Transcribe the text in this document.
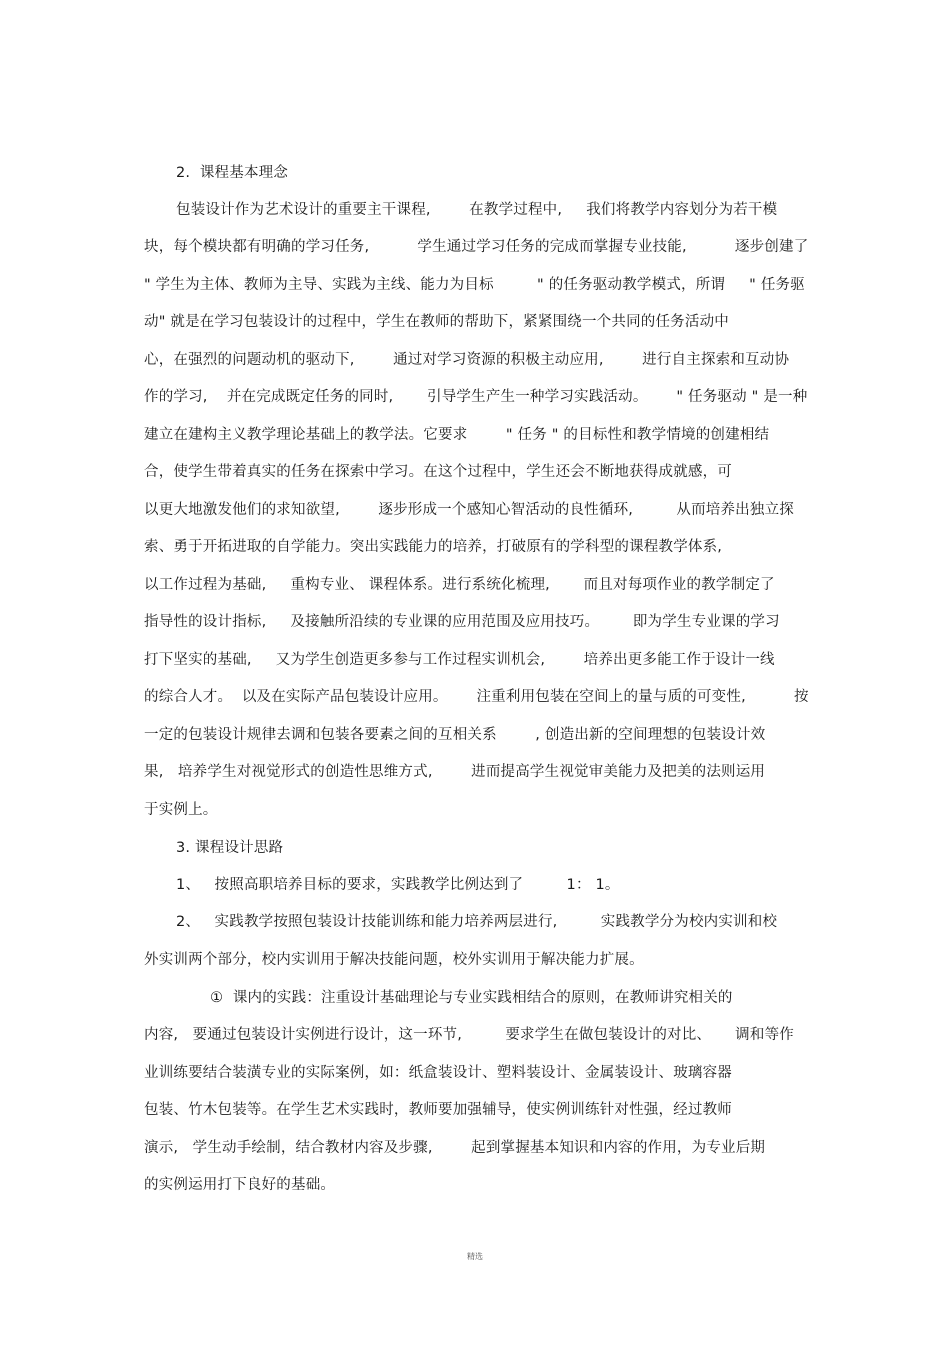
2.  课程基本理念
包装设计作为艺术设计的重要主干课程,        在教学过程中,     我们将教学内容划分为若干模
块，每个模块都有明确的学习任务,          学生通过学习任务的完成而掌握专业技能,          逐步创建了
" 学生为主体、教师为主导、实践为主线、能力为目标         " 的任务驱动教学模式，所谓     " 任务驱
动" 就是在学习包装设计的过程中，学生在教师的帮助下，紧紧围绕一个共同的任务活动中
心，在强烈的问题动机的驱动下,        通过对学习资源的积极主动应用,        进行自主探索和互动协
作的学习,    并在完成既定任务的同时,       引导学生产生一种学习实践活动。      " 任务驱动 " 是一种
建立在建构主义教学理论基础上的教学法。它要求        " 任务 " 的目标性和教学情境的创建相结
合，使学生带着真实的任务在探索中学习。在这个过程中，学生还会不断地获得成就感，可
以更大地激发他们的求知欲望,        逐步形成一个感知心智活动的良性循环,         从而培养出独立探
索、勇于开拓进取的自学能力。突出实践能力的培养，打破原有的学科型的课程教学体系,
以工作过程为基础,     重构专业、 课程体系。进行系统化梳理,       而且对每项作业的教学制定了
指导性的设计指标,     及接触所沿续的专业课的应用范围及应用技巧。       即为学生专业课的学习
打下坚实的基础,     又为学生创造更多参与工作过程实训机会,        培养出更多能工作于设计一线
的综合人才。  以及在实际产品包装设计应用。      注重利用包装在空间上的量与质的可变性,          按
一定的包装设计规律去调和包装各要素之间的互相关系        , 创造出新的空间理想的包装设计效
果,   培养学生对视觉形式的创造性思维方式,        进而提高学生视觉审美能力及把美的法则运用
于实例上。
3. 课程设计思路
1、   按照高职培养目标的要求，实践教学比例达到了         1： 1。
2、   实践教学按照包装设计技能训练和能力培养两层进行,         实践教学分为校内实训和校
外实训两个部分，校内实训用于解决技能问题，校外实训用于解决能力扩展。
①  课内的实践：注重设计基础理论与专业实践相结合的原则，在教师讲究相关的
内容,   要通过包装设计实例进行设计，这一环节,         要求学生在做包装设计的对比、     调和等作
业训练要结合装潢专业的实际案例，如：纸盒装设计、塑料装设计、金属装设计、玻璃容器
包装、竹木包装等。在学生艺术实践时，教师要加强辅导，使实例训练针对性强，经过教师
演示,   学生动手绘制，结合教材内容及步骤,        起到掌握基本知识和内容的作用，为专业后期
的实例运用打下良好的基础。
精选
